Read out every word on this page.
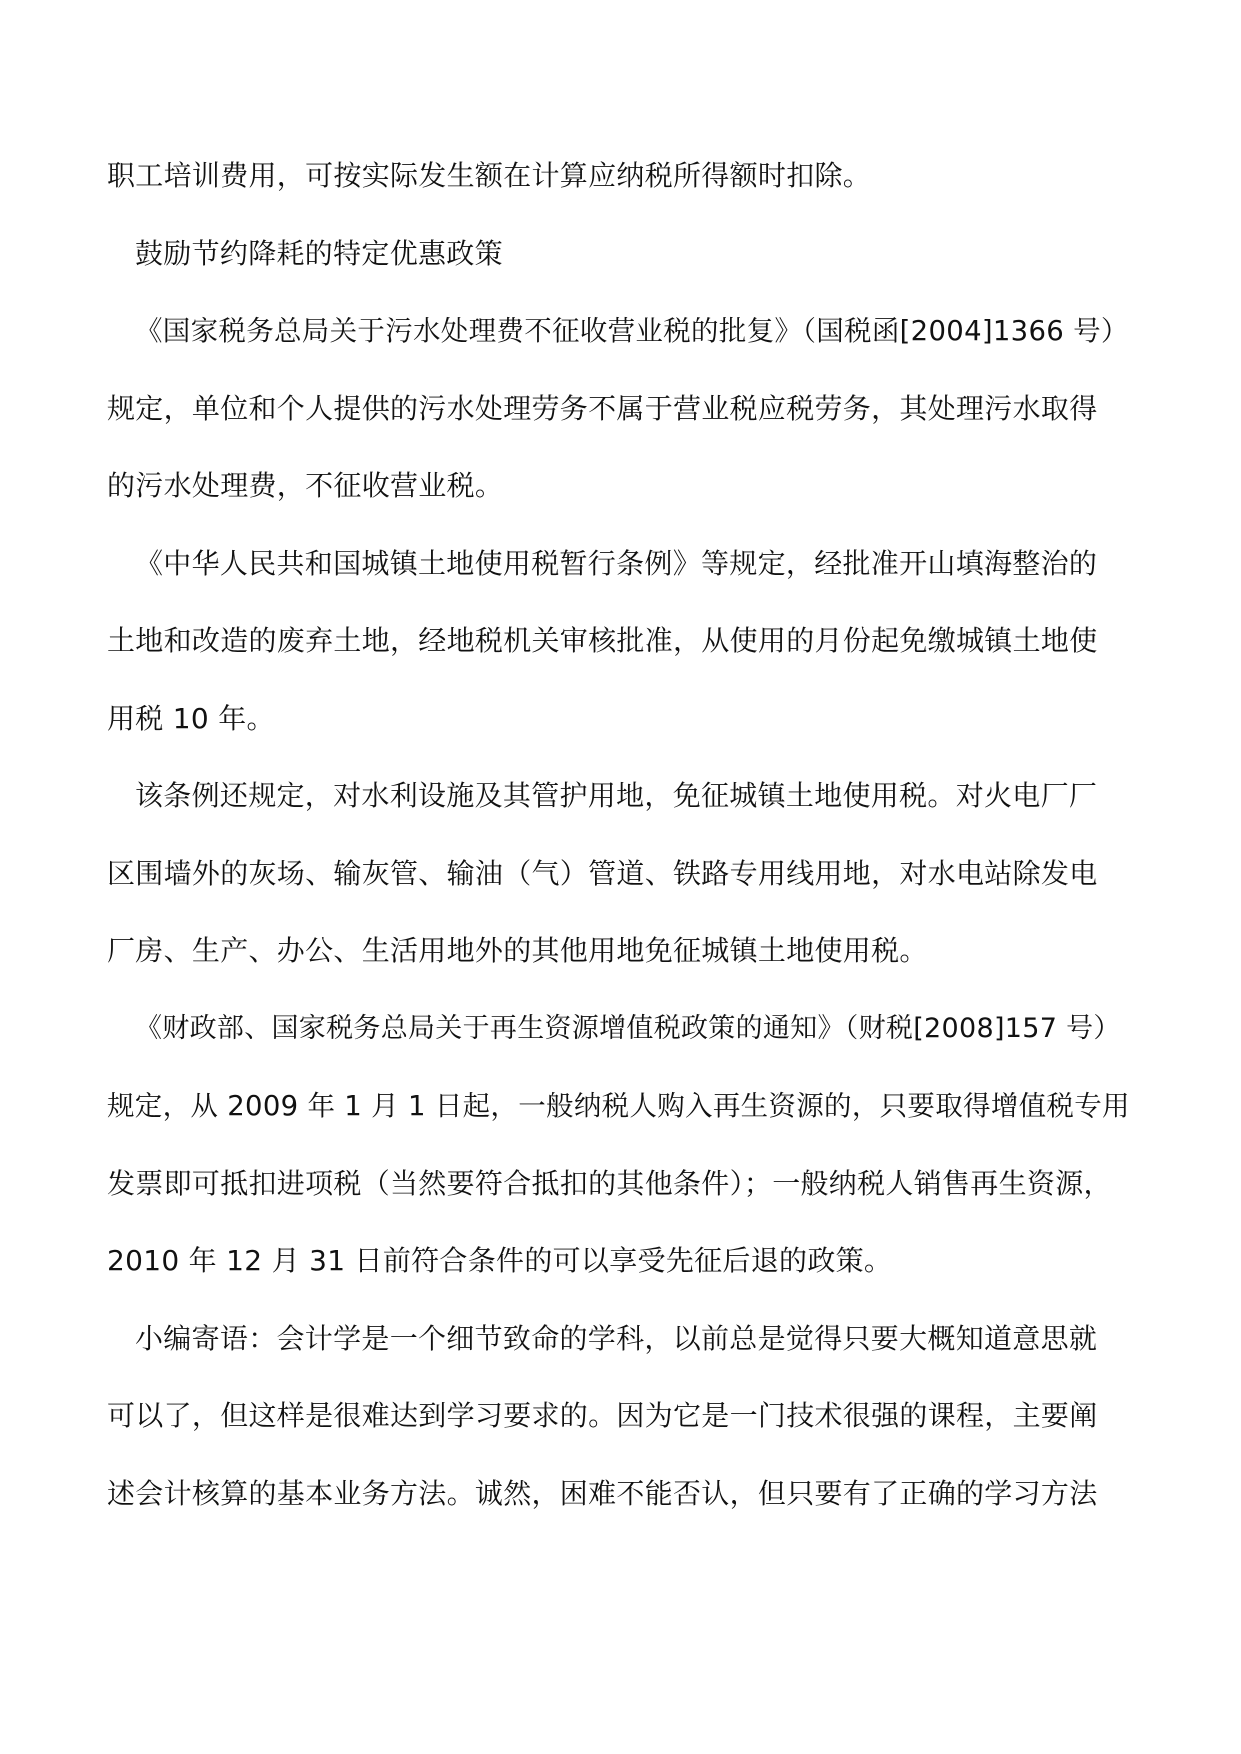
职工培训费用，可按实际发生额在计算应纳税所得额时扣除。
鼓励节约降耗的特定优惠政策
《国家税务总局关于污水处理费不征收营业税的批复》（国税函[2004]1366 号）
规定，单位和个人提供的污水处理劳务不属于营业税应税劳务，其处理污水取得
的污水处理费，不征收营业税。
《中华人民共和国城镇土地使用税暂行条例》等规定，经批准开山填海整治的
土地和改造的废弃土地，经地税机关审核批准，从使用的月份起免缴城镇土地使
用税 10 年。
该条例还规定，对水利设施及其管护用地，免征城镇土地使用税。对火电厂厂
区围墙外的灰场、输灰管、输油（气）管道、铁路专用线用地，对水电站除发电
厂房、生产、办公、生活用地外的其他用地免征城镇土地使用税。
《财政部、国家税务总局关于再生资源增值税政策的通知》（财税[2008]157 号）
规定，从 2009 年 1 月 1 日起，一般纳税人购入再生资源的，只要取得增值税专用
发票即可抵扣进项税（当然要符合抵扣的其他条件）；一般纳税人销售再生资源，
2010 年 12 月 31 日前符合条件的可以享受先征后退的政策。
小编寄语：会计学是一个细节致命的学科，以前总是觉得只要大概知道意思就
可以了，但这样是很难达到学习要求的。因为它是一门技术很强的课程，主要阐
述会计核算的基本业务方法。诚然，困难不能否认，但只要有了正确的学习方法
